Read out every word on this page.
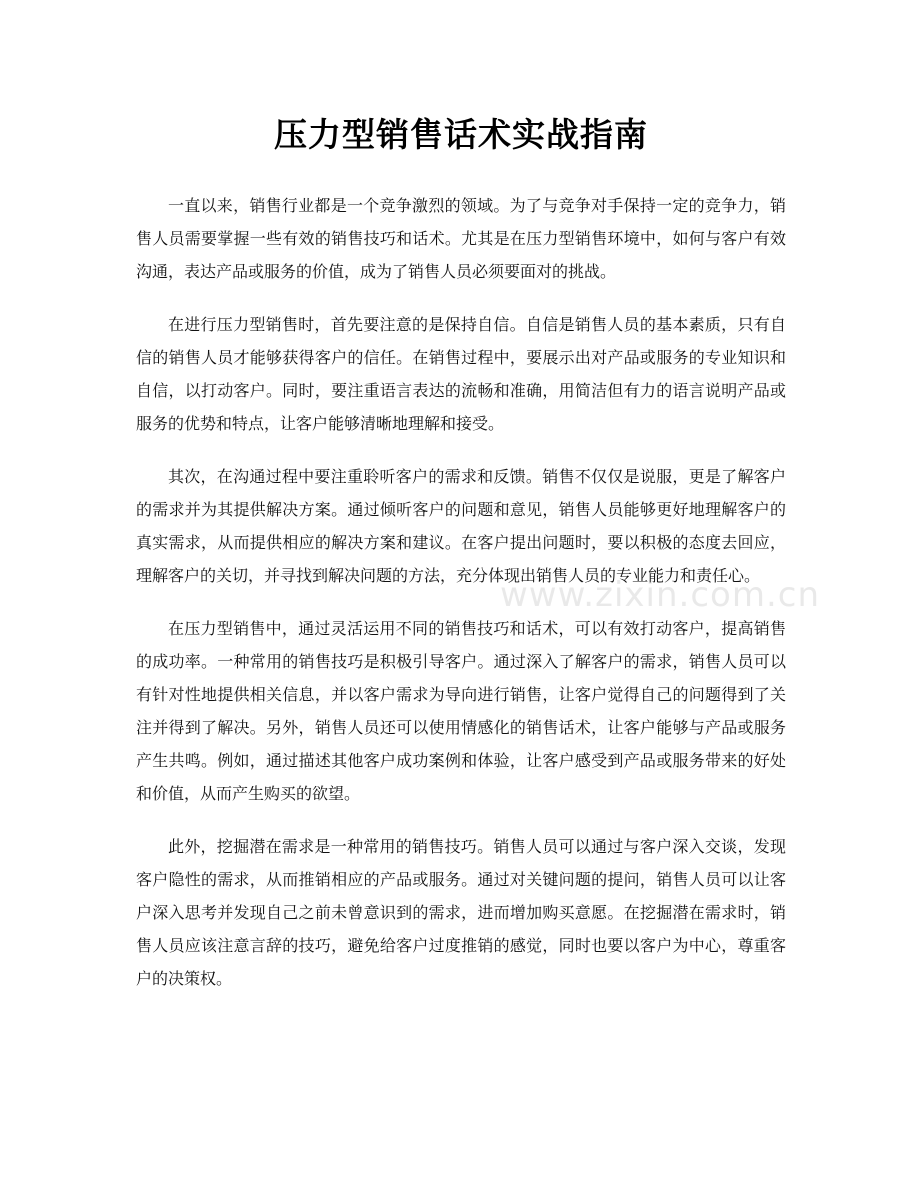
压力型销售话术实战指南

一直以来，销售行业都是一个竞争激烈的领域。为了与竞争对手保持一定的竞争力，销售人员需要掌握一些有效的销售技巧和话术。尤其是在压力型销售环境中，如何与客户有效沟通，表达产品或服务的价值，成为了销售人员必须要面对的挑战。

在进行压力型销售时，首先要注意的是保持自信。自信是销售人员的基本素质，只有自信的销售人员才能够获得客户的信任。在销售过程中，要展示出对产品或服务的专业知识和自信，以打动客户。同时，要注重语言表达的流畅和准确，用简洁但有力的语言说明产品或服务的优势和特点，让客户能够清晰地理解和接受。

其次，在沟通过程中要注重聆听客户的需求和反馈。销售不仅仅是说服，更是了解客户的需求并为其提供解决方案。通过倾听客户的问题和意见，销售人员能够更好地理解客户的真实需求，从而提供相应的解决方案和建议。在客户提出问题时，要以积极的态度去回应，理解客户的关切，并寻找到解决问题的方法，充分体现出销售人员的专业能力和责任心。

在压力型销售中，通过灵活运用不同的销售技巧和话术，可以有效打动客户，提高销售的成功率。一种常用的销售技巧是积极引导客户。通过深入了解客户的需求，销售人员可以有针对性地提供相关信息，并以客户需求为导向进行销售，让客户觉得自己的问题得到了关注并得到了解决。另外，销售人员还可以使用情感化的销售话术，让客户能够与产品或服务产生共鸣。例如，通过描述其他客户成功案例和体验，让客户感受到产品或服务带来的好处和价值，从而产生购买的欲望。

此外，挖掘潜在需求是一种常用的销售技巧。销售人员可以通过与客户深入交谈，发现客户隐性的需求，从而推销相应的产品或服务。通过对关键问题的提问，销售人员可以让客户深入思考并发现自己之前未曾意识到的需求，进而增加购买意愿。在挖掘潜在需求时，销售人员应该注意言辞的技巧，避免给客户过度推销的感觉，同时也要以客户为中心，尊重客户的决策权。

www.zixin.com.cn
